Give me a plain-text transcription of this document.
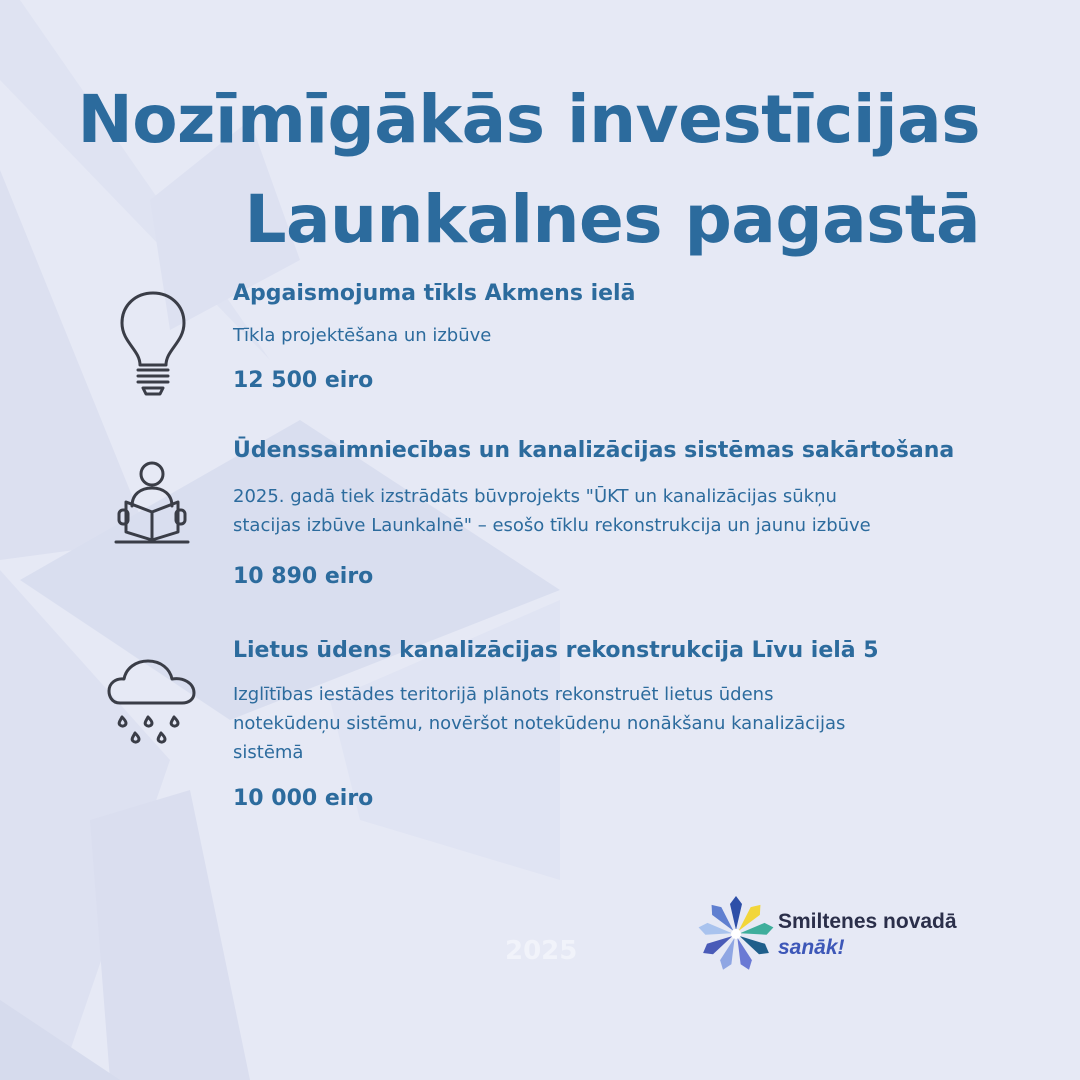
Nozīmīgākās investīcijas
Launkalnes pagastā
Apgaismojuma tīkls Akmens ielā
Tīkla projektēšana un izbūve
12 500 eiro
Ūdenssaimniecības un kanalizācijas sistēmas sakārtošana
2025. gadā tiek izstrādāts būvprojekts "ŪKT un kanalizācijas sūkņu
stacijas izbūve Launkalnē" – esošo tīklu rekonstrukcija un jaunu izbūve
10 890 eiro
Lietus ūdens kanalizācijas rekonstrukcija Līvu ielā 5
Izglītības iestādes teritorijā plānots rekonstruēt lietus ūdens
notekūdeņu sistēmu, novēršot notekūdeņu nonākšanu kanalizācijas
sistēmā
10 000 eiro
2025
Smiltenes novadā
sanāk!
